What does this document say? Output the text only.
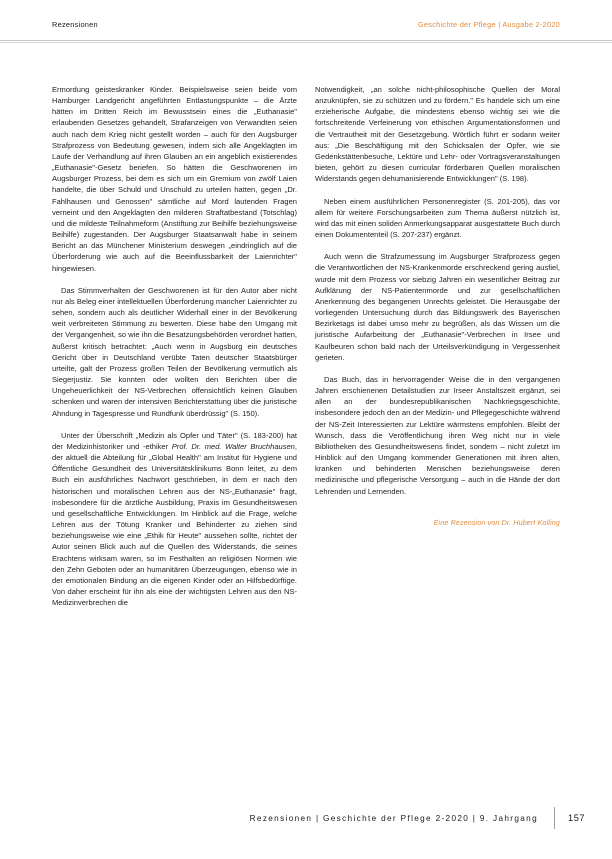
Rezensionen	Geschichte der Pflege | Ausgabe 2-2020

Ermordung geisteskranker Kinder. Beispielsweise seien beide vom Hamburger Landgericht angeführten Entlastungspunkte – die Ärzte hätten im Dritten Reich im Bewusstsein eines die „Euthanasie" erlaubenden Gesetzes gehandelt, Strafanzeigen von Verwandten seien auch nach dem Krieg nicht gestellt worden – auch für den Augsburger Strafprozess von Bedeutung gewesen, indem sich alle Angeklagten im Laufe der Verhandlung auf ihren Glauben an ein angeblich existierendes „Euthanasie"-Gesetz beriefen. So hätten die Geschworenen im Augsburger Prozess, bei dem es sich um ein Gremium von zwölf Laien handelte, die über Schuld und Unschuld zu urteilen hatten, gegen „Dr. Fahlhausen und Genossen" sämtliche auf Mord lautenden Fragen verneint und den Angeklagten den milderen Straftatbestand (Totschlag) und die mildeste Teilnahmeform (Anstiftung zur Beihilfe beziehungsweise Beihilfe) zugestanden. Der Augsburger Staatsanwalt habe in seinem Bericht an das Münchener Ministerium deswegen „eindringlich auf die Überforderung wie auch auf die Beeinflussbarkeit der Laienrichter" hingewiesen.

Das Stimmverhalten der Geschworenen ist für den Autor aber nicht nur als Beleg einer intellektuellen Überforderung mancher Laienrichter zu sehen, sondern auch als deutlicher Widerhall einer in der Bevölkerung weit verbreiteten Stimmung zu bewerten. Diese habe den Umgang mit der Vergangenheit, so wie ihn die Besatzungsbehörden verordnet hatten, äußerst kritisch betrachtet: „Auch wenn in Augsburg ein deutsches Gericht über in Deutschland verübte Taten deutscher Staatsbürger urteilte, galt der Prozess großen Teilen der Bevölkerung vermutlich als Siegerjustiz. Sie konnten oder wollten den Berichten über die Ungeheuerlichkeit der NS-Verbrechen offensichtlich keinen Glauben schenken und waren der intensiven Berichterstattung über die juristische Ahndung in Tagespresse und Rundfunk überdrüssig" (S. 150).

Unter der Überschrift „Medizin als Opfer und Täter" (S. 183-200) hat der Medizinhistoriker und -ethiker Prof. Dr. med. Walter Bruchhausen, der aktuell die Abteilung für „Global Health" am Institut für Hygiene und Öffentliche Gesundheit des Universitätsklinikums Bonn leitet, zu dem Buch ein ausführliches Nachwort geschrieben, in dem er nach den historischen und moralischen Lehren aus der NS-„Euthanasie" fragt, insbesondere für die ärztliche Ausbildung, Praxis im Gesundheitswesen und gesellschaftliche Entwicklungen. Im Hinblick auf die Frage, welche Lehren aus der Tötung Kranker und Behinderter zu ziehen sind beziehungsweise wie eine „Ethik für Heute" aussehen sollte, richtet der Autor seinen Blick auch auf die Quellen des Widerstands, die seines Erachtens wirksam waren, so im Festhalten an religiösen Normen wie den Zehn Geboten oder an humanitären Überzeugungen, ebenso wie in der emotionalen Bindung an die eigenen Kinder oder an Hilfsbedürftige. Von daher erscheint für ihn als eine der wichtigsten Lehren aus den NS-Medizinverbrechen die

Notwendigkeit, „an solche nicht-philosophische Quellen der Moral anzuknüpfen, sie zu schützen und zu fördern." Es handele sich um eine erzieherische Aufgabe, die mindestens ebenso wichtig sei wie die fortschreitende Verfeinerung von ethischen Argumentationsformen und die Vertrautheit mit der Gesetzgebung. Wörtlich führt er sodann weiter aus: „Die Beschäftigung mit den Schicksalen der Opfer, wie sie Gedenkstättenbesuche, Lektüre und Lehr- oder Vortragsveranstaltungen bieten, gehört zu diesen curricular förderbaren Quellen moralischen Widerstands gegen dehumanisierende Entwicklungen" (S. 198).

Neben einem ausführlichen Personenregister (S. 201-205), das vor allem für weitere Forschungsarbeiten zum Thema äußerst nützlich ist, wird das mit einen soliden Anmerkungsapparat ausgestattete Buch durch einen Dokumententeil (S. 207-237) ergänzt.

Auch wenn die Strafzumessung im Augsburger Strafprozess gegen die Verantwortlichen der NS-Krankenmorde erschreckend gering ausfiel, wurde mit dem Prozess vor siebzig Jahren ein wesentlicher Beitrag zur Aufklärung der NS-Patientenmorde und zur gesellschaftlichen Anerkennung des begangenen Unrechts geleistet. Die Herausgabe der vorliegenden Untersuchung durch das Bildungswerk des Bayerischen Bezirketags ist dabei umso mehr zu begrüßen, als das Wissen um die juristische Aufarbeitung der „Euthanasie"-Verbrechen in Irsee und Kaufbeuren schon bald nach der Urteilsverkündigung in Vergessenheit gerieten.

Das Buch, das in hervorragender Weise die in den vergangenen Jahren erschienenen Detailstudien zur Irseer Anstaltszeit ergänzt, sei allen an der bundesrepublikanischen Nachkriegsgeschichte, insbesondere jedoch den an der Medizin- und Pflegegeschichte während der NS-Zeit Interessierten zur Lektüre wärmstens empfohlen. Bleibt der Wunsch, dass die Veröffentlichung ihren Weg nicht nur in viele Bibliotheken des Gesundheitswesens findet, sondern – nicht zuletzt im Hinblick auf den Umgang kommender Generationen mit ihren alten, kranken und behinderten Menschen beziehungsweise deren medizinische und pflegerische Versorgung – auch in die Hände der dort Lehrenden und Lernenden.

Eine Rezension von Dr. Hubert Kolling
Rezensionen | Geschichte der Pflege 2-2020 | 9. Jahrgang	157
